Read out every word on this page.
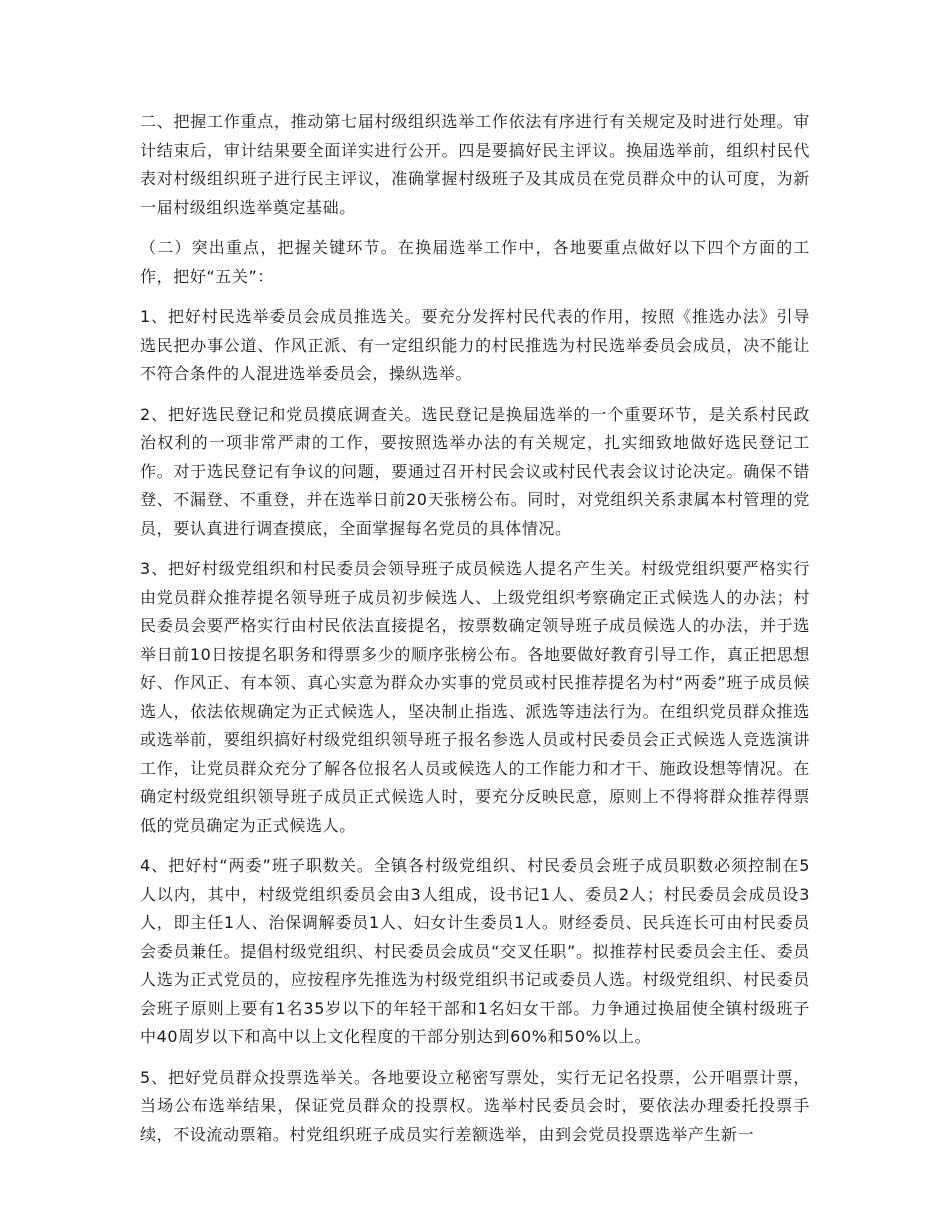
二、把握工作重点，推动第七届村级组织选举工作依法有序进行有关规定及时进行处理。审计结束后，审计结果要全面详实进行公开。四是要搞好民主评议。换届选举前，组织村民代表对村级组织班子进行民主评议，准确掌握村级班子及其成员在党员群众中的认可度，为新一届村级组织选举奠定基础。

（二）突出重点，把握关键环节。在换届选举工作中，各地要重点做好以下四个方面的工作，把好“五关”：

1、把好村民选举委员会成员推选关。要充分发挥村民代表的作用，按照《推选办法》引导选民把办事公道、作风正派、有一定组织能力的村民推选为村民选举委员会成员，决不能让不符合条件的人混进选举委员会，操纵选举。

2、把好选民登记和党员摸底调查关。选民登记是换届选举的一个重要环节，是关系村民政治权利的一项非常严肃的工作，要按照选举办法的有关规定，扎实细致地做好选民登记工作。对于选民登记有争议的问题，要通过召开村民会议或村民代表会议讨论决定。确保不错登、不漏登、不重登，并在选举日前20天张榜公布。同时，对党组织关系隶属本村管理的党员，要认真进行调查摸底，全面掌握每名党员的具体情况。

3、把好村级党组织和村民委员会领导班子成员候选人提名产生关。村级党组织要严格实行由党员群众推荐提名领导班子成员初步候选人、上级党组织考察确定正式候选人的办法；村民委员会要严格实行由村民依法直接提名，按票数确定领导班子成员候选人的办法，并于选举日前10日按提名职务和得票多少的顺序张榜公布。各地要做好教育引导工作，真正把思想好、作风正、有本领、真心实意为群众办实事的党员或村民推荐提名为村“两委”班子成员候选人，依法依规确定为正式候选人，坚决制止指选、派选等违法行为。在组织党员群众推选或选举前，要组织搞好村级党组织领导班子报名参选人员或村民委员会正式候选人竞选演讲工作，让党员群众充分了解各位报名人员或候选人的工作能力和才干、施政设想等情况。在确定村级党组织领导班子成员正式候选人时，要充分反映民意，原则上不得将群众推荐得票低的党员确定为正式候选人。

4、把好村“两委”班子职数关。全镇各村级党组织、村民委员会班子成员职数必须控制在5人以内，其中，村级党组织委员会由3人组成，设书记1人、委员2人；村民委员会成员设3人，即主任1人、治保调解委员1人、妇女计生委员1人。财经委员、民兵连长可由村民委员会委员兼任。提倡村级党组织、村民委员会成员“交叉任职”。拟推荐村民委员会主任、委员人选为正式党员的，应按程序先推选为村级党组织书记或委员人选。村级党组织、村民委员会班子原则上要有1名35岁以下的年轻干部和1名妇女干部。力争通过换届使全镇村级班子中40周岁以下和高中以上文化程度的干部分别达到60%和50%以上。

5、把好党员群众投票选举关。各地要设立秘密写票处，实行无记名投票，公开唱票计票，当场公布选举结果，保证党员群众的投票权。选举村民委员会时，要依法办理委托投票手续，不设流动票箱。村党组织班子成员实行差额选举，由到会党员投票选举产生新一
